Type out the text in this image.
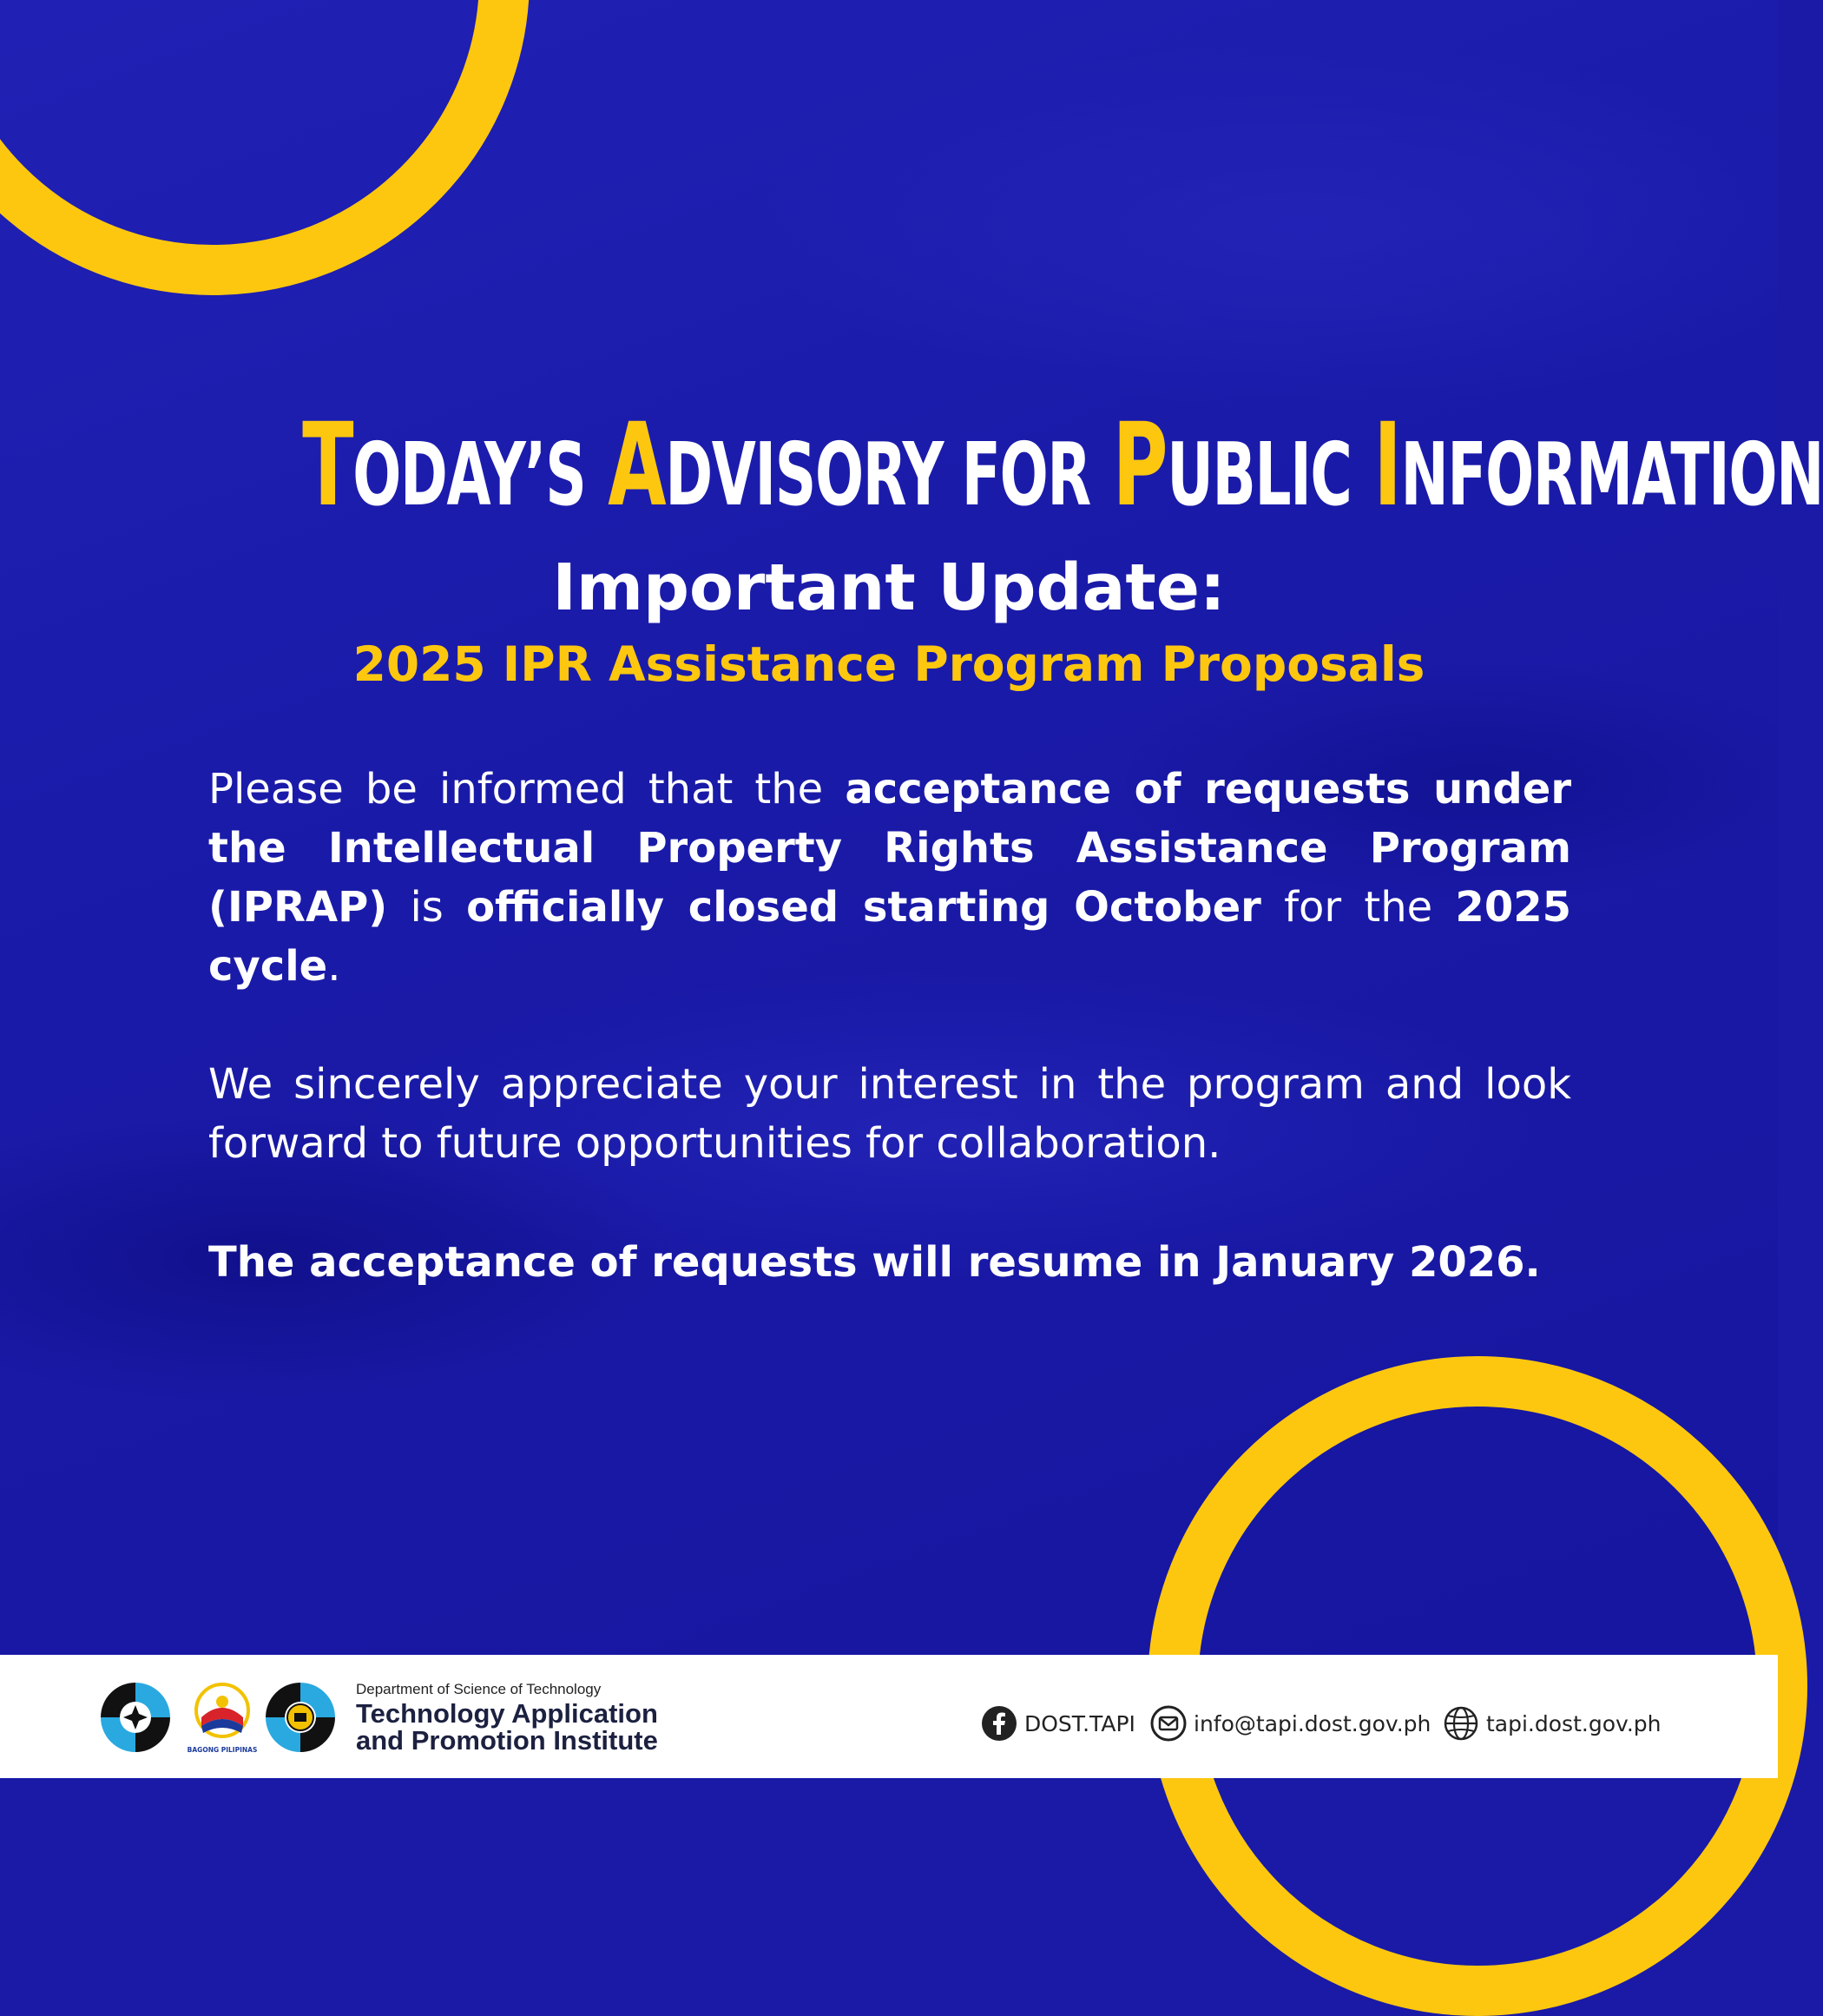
TODAY’S ADVISORY FOR PUBLIC INFORMATION
Important Update:
2025 IPR Assistance Program Proposals
Please be informed that the acceptance of requests under the Intellectual Property Rights Assistance Program (IPRAP) is officially closed starting October for the 2025 cycle.
We sincerely appreciate your interest in the program and look forward to future opportunities for collaboration.
The acceptance of requests will resume in January 2026.
BAGONG PILIPINAS
Department of Science of Technology
Technology Application
and Promotion Institute
DOST.TAPI	info@tapi.dost.gov.ph	tapi.dost.gov.ph
